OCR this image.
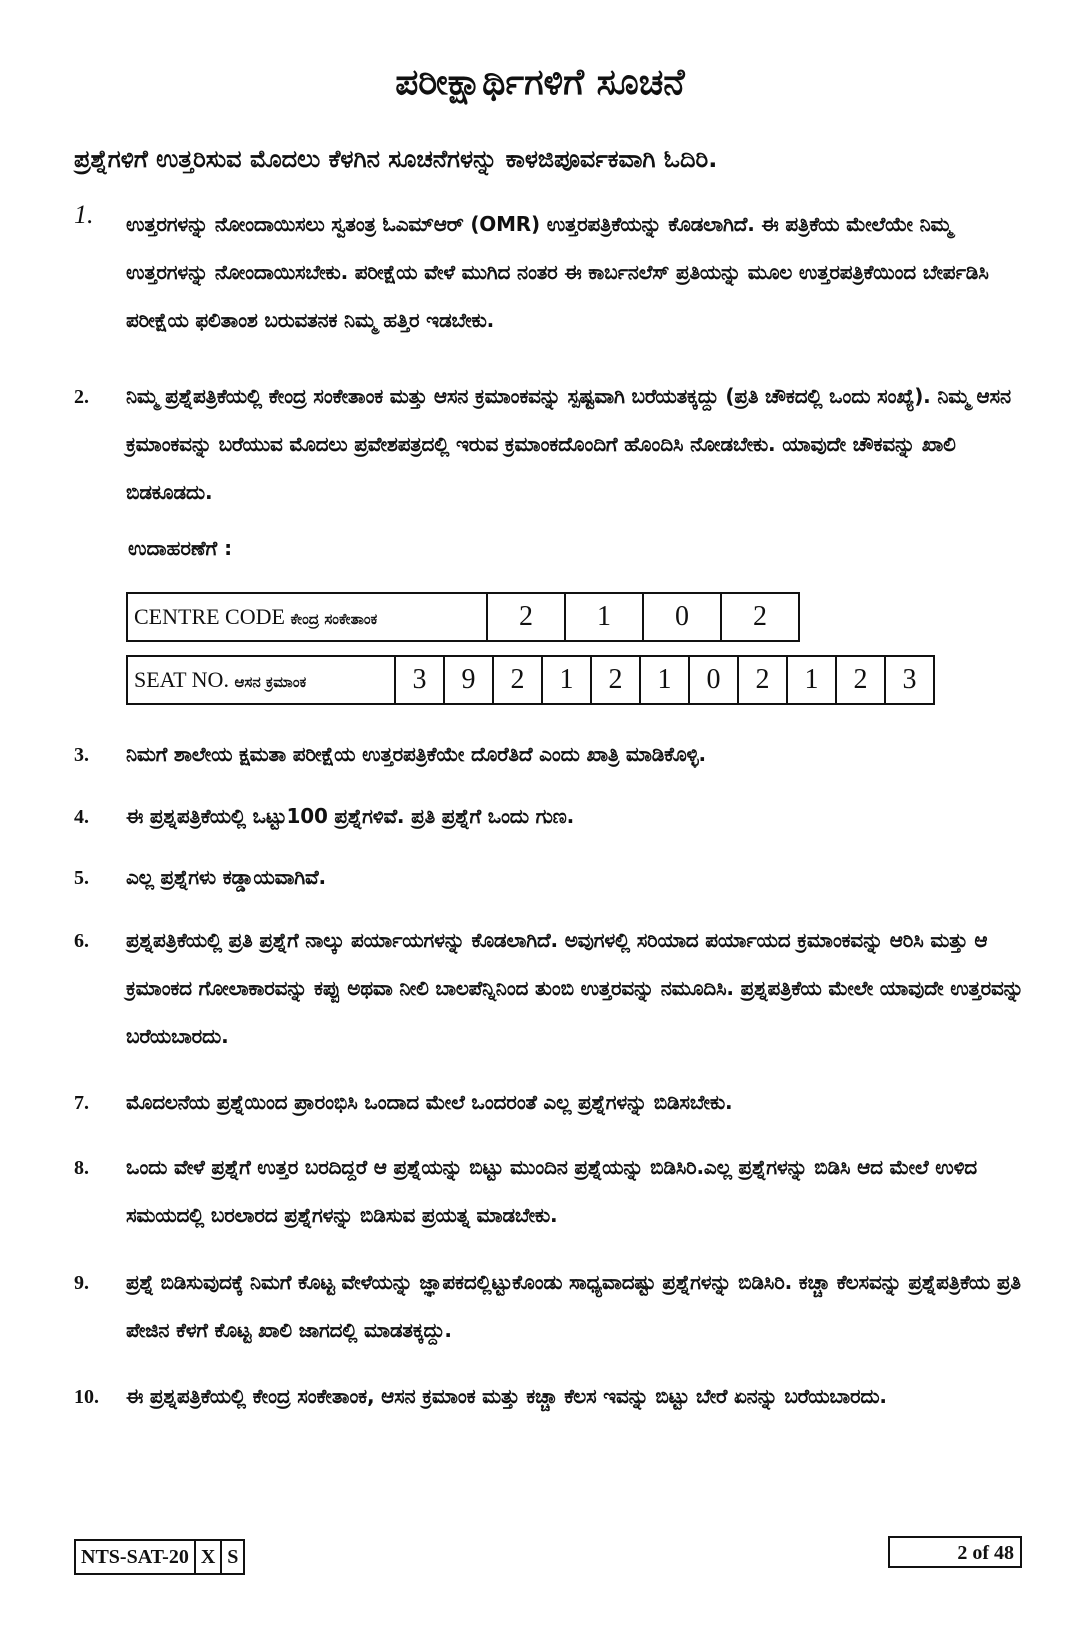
ಪರೀಕ್ಷಾರ್ಥಿಗಳಿಗೆ ಸೂಚನೆ
ಪ್ರಶ್ನೆಗಳಿಗೆ ಉತ್ತರಿಸುವ ಮೊದಲು ಕೆಳಗಿನ ಸೂಚನೆಗಳನ್ನು ಕಾಳಜಿಪೂರ್ವಕವಾಗಿ ಓದಿರಿ.
1.	ಉತ್ತರಗಳನ್ನು ನೋಂದಾಯಿಸಲು ಸ್ವತಂತ್ರ ಓಎಮ್ಆರ್ (OMR) ಉತ್ತರಪತ್ರಿಕೆಯನ್ನು ಕೊಡಲಾಗಿದೆ. ಈ ಪತ್ರಿಕೆಯ ಮೇಲೆಯೇ ನಿಮ್ಮ ಉತ್ತರಗಳನ್ನು ನೋಂದಾಯಿಸಬೇಕು. ಪರೀಕ್ಷೆಯ ವೇಳೆ ಮುಗಿದ ನಂತರ ಈ ಕಾರ್ಬನಲೆಸ್ ಪ್ರತಿಯನ್ನು ಮೂಲ ಉತ್ತರಪತ್ರಿಕೆಯಿಂದ ಬೇರ್ಪಡಿಸಿ ಪರೀಕ್ಷೆಯ ಫಲಿತಾಂಶ ಬರುವತನಕ ನಿಮ್ಮ ಹತ್ತಿರ ಇಡಬೇಕು.
2.	ನಿಮ್ಮ ಪ್ರಶ್ನೆಪತ್ರಿಕೆಯಲ್ಲಿ ಕೇಂದ್ರ ಸಂಕೇತಾಂಕ ಮತ್ತು ಆಸನ ಕ್ರಮಾಂಕವನ್ನು ಸ್ಪಷ್ಟವಾಗಿ ಬರೆಯತಕ್ಕದ್ದು (ಪ್ರತಿ ಚೌಕದಲ್ಲಿ ಒಂದು ಸಂಖ್ಯೆ). ನಿಮ್ಮ ಆಸನ ಕ್ರಮಾಂಕವನ್ನು ಬರೆಯುವ ಮೊದಲು ಪ್ರವೇಶಪತ್ರದಲ್ಲಿ ಇರುವ ಕ್ರಮಾಂಕದೊಂದಿಗೆ ಹೊಂದಿಸಿ ನೋಡಬೇಕು. ಯಾವುದೇ ಚೌಕವನ್ನು ಖಾಲಿ ಬಿಡಕೂಡದು.
ಉದಾಹರಣೆಗೆ :
CENTRE CODE ಕೇಂದ್ರ ಸಂಕೇತಾಂಕ	2	1	0	2
SEAT NO. ಆಸನ ಕ್ರಮಾಂಕ	3	9	2	1	2	1	0	2	1	2	3
3.	ನಿಮಗೆ ಶಾಲೇಯ ಕ್ಷಮತಾ ಪರೀಕ್ಷೆಯ ಉತ್ತರಪತ್ರಿಕೆಯೇ ದೊರೆತಿದೆ ಎಂದು ಖಾತ್ರಿ ಮಾಡಿಕೊಳ್ಳಿ.
4.	ಈ ಪ್ರಶ್ನಪತ್ರಿಕೆಯಲ್ಲಿ ಒಟ್ಟು100 ಪ್ರಶ್ನೆಗಳಿವೆ. ಪ್ರತಿ ಪ್ರಶ್ನೆಗೆ ಒಂದು ಗುಣ.
5.	ಎಲ್ಲ ಪ್ರಶ್ನೆಗಳು ಕಡ್ಡಾಯವಾಗಿವೆ.
6.	ಪ್ರಶ್ನಪತ್ರಿಕೆಯಲ್ಲಿ ಪ್ರತಿ ಪ್ರಶ್ನೆಗೆ ನಾಲ್ಕು ಪರ್ಯಾಯಗಳನ್ನು ಕೊಡಲಾಗಿದೆ. ಅವುಗಳಲ್ಲಿ ಸರಿಯಾದ ಪರ್ಯಾಯದ ಕ್ರಮಾಂಕವನ್ನು ಆರಿಸಿ ಮತ್ತು ಆ ಕ್ರಮಾಂಕದ ಗೋಲಾಕಾರವನ್ನು ಕಪ್ಪು ಅಥವಾ ನೀಲಿ ಬಾಲಪೆನ್ನಿನಿಂದ ತುಂಬಿ ಉತ್ತರವನ್ನು ನಮೂದಿಸಿ. ಪ್ರಶ್ನಪತ್ರಿಕೆಯ ಮೇಲೇ ಯಾವುದೇ ಉತ್ತರವನ್ನು ಬರೆಯಬಾರದು.
7.	ಮೊದಲನೆಯ ಪ್ರಶ್ನೆಯಿಂದ ಪ್ರಾರಂಭಿಸಿ ಒಂದಾದ ಮೇಲೆ ಒಂದರಂತೆ ಎಲ್ಲ ಪ್ರಶ್ನೆಗಳನ್ನು ಬಿಡಿಸಬೇಕು.
8.	ಒಂದು ವೇಳೆ ಪ್ರಶ್ನೆಗೆ ಉತ್ತರ ಬರದಿದ್ದರೆ ಆ ಪ್ರಶ್ನೆಯನ್ನು ಬಿಟ್ಟು ಮುಂದಿನ ಪ್ರಶ್ನೆಯನ್ನು ಬಿಡಿಸಿರಿ.ಎಲ್ಲ ಪ್ರಶ್ನೆಗಳನ್ನು ಬಿಡಿಸಿ ಆದ ಮೇಲೆ ಉಳಿದ ಸಮಯದಲ್ಲಿ ಬರಲಾರದ ಪ್ರಶ್ನೆಗಳನ್ನು ಬಿಡಿಸುವ ಪ್ರಯತ್ನ ಮಾಡಬೇಕು.
9.	ಪ್ರಶ್ನೆ ಬಿಡಿಸುವುದಕ್ಕೆ ನಿಮಗೆ ಕೊಟ್ಟ ವೇಳೆಯನ್ನು ಜ್ಞಾಪಕದಲ್ಲಿಟ್ಟುಕೊಂಡು ಸಾಧ್ಯವಾದಷ್ಟು ಪ್ರಶ್ನೆಗಳನ್ನು ಬಿಡಿಸಿರಿ. ಕಚ್ಚಾ ಕೆಲಸವನ್ನು ಪ್ರಶ್ನೆಪತ್ರಿಕೆಯ ಪ್ರತಿ ಪೇಜಿನ ಕೆಳಗೆ ಕೊಟ್ಟ ಖಾಲಿ ಜಾಗದಲ್ಲಿ ಮಾಡತಕ್ಕದ್ದು.
10.	ಈ ಪ್ರಶ್ನಪತ್ರಿಕೆಯಲ್ಲಿ ಕೇಂದ್ರ ಸಂಕೇತಾಂಕ, ಆಸನ ಕ್ರಮಾಂಕ ಮತ್ತು ಕಚ್ಚಾ ಕೆಲಸ ಇವನ್ನು ಬಿಟ್ಟು ಬೇರೆ ಏನನ್ನು ಬರೆಯಬಾರದು.
NTS-SAT-20	X	S	2 of 48
